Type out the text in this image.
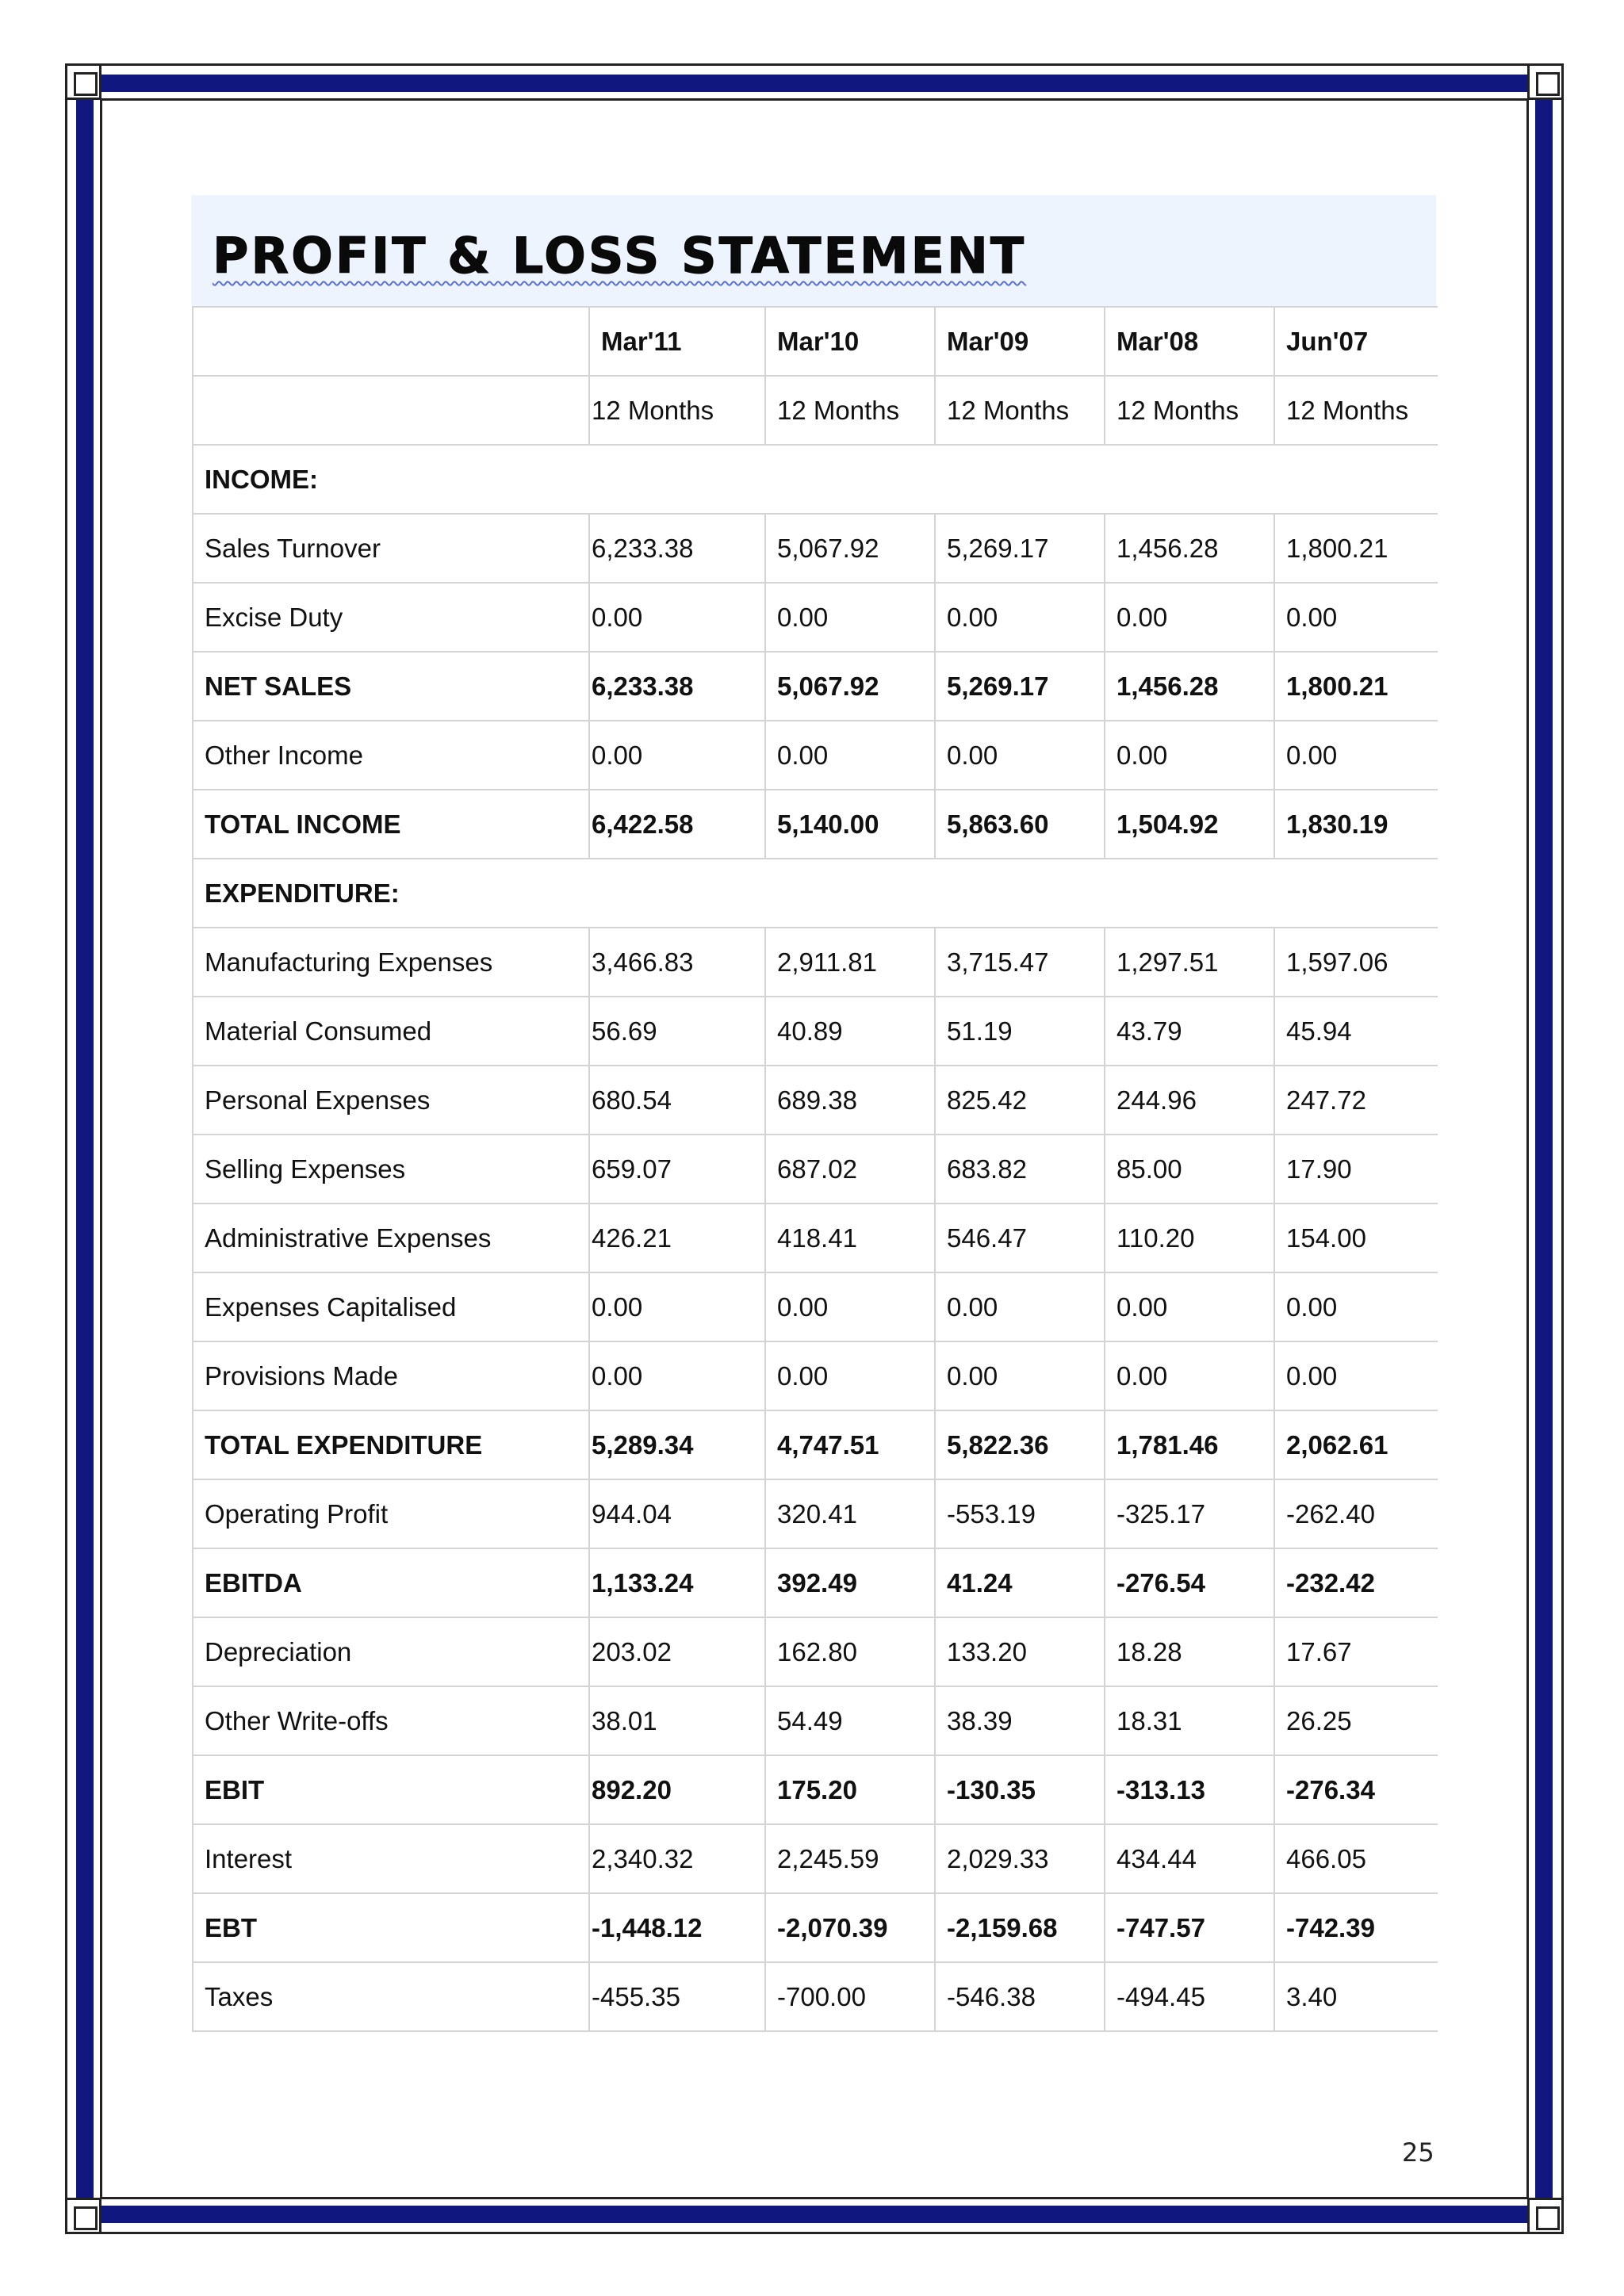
PROFIT & LOSS STATEMENT
	Mar'11	Mar'10	Mar'09	Mar'08	Jun'07
	12 Months	12 Months	12 Months	12 Months	12 Months
INCOME:					
Sales Turnover	6,233.38	5,067.92	5,269.17	1,456.28	1,800.21
Excise Duty	0.00	0.00	0.00	0.00	0.00
NET SALES	6,233.38	5,067.92	5,269.17	1,456.28	1,800.21
Other Income	0.00	0.00	0.00	0.00	0.00
TOTAL INCOME	6,422.58	5,140.00	5,863.60	1,504.92	1,830.19
EXPENDITURE:					
Manufacturing Expenses	3,466.83	2,911.81	3,715.47	1,297.51	1,597.06
Material Consumed	56.69	40.89	51.19	43.79	45.94
Personal Expenses	680.54	689.38	825.42	244.96	247.72
Selling Expenses	659.07	687.02	683.82	85.00	17.90
Administrative Expenses	426.21	418.41	546.47	110.20	154.00
Expenses Capitalised	0.00	0.00	0.00	0.00	0.00
Provisions Made	0.00	0.00	0.00	0.00	0.00
TOTAL EXPENDITURE	5,289.34	4,747.51	5,822.36	1,781.46	2,062.61
Operating Profit	944.04	320.41	-553.19	-325.17	-262.40
EBITDA	1,133.24	392.49	41.24	-276.54	-232.42
Depreciation	203.02	162.80	133.20	18.28	17.67
Other Write-offs	38.01	54.49	38.39	18.31	26.25
EBIT	892.20	175.20	-130.35	-313.13	-276.34
Interest	2,340.32	2,245.59	2,029.33	434.44	466.05
EBT	-1,448.12	-2,070.39	-2,159.68	-747.57	-742.39
Taxes	-455.35	-700.00	-546.38	-494.45	3.40
25
